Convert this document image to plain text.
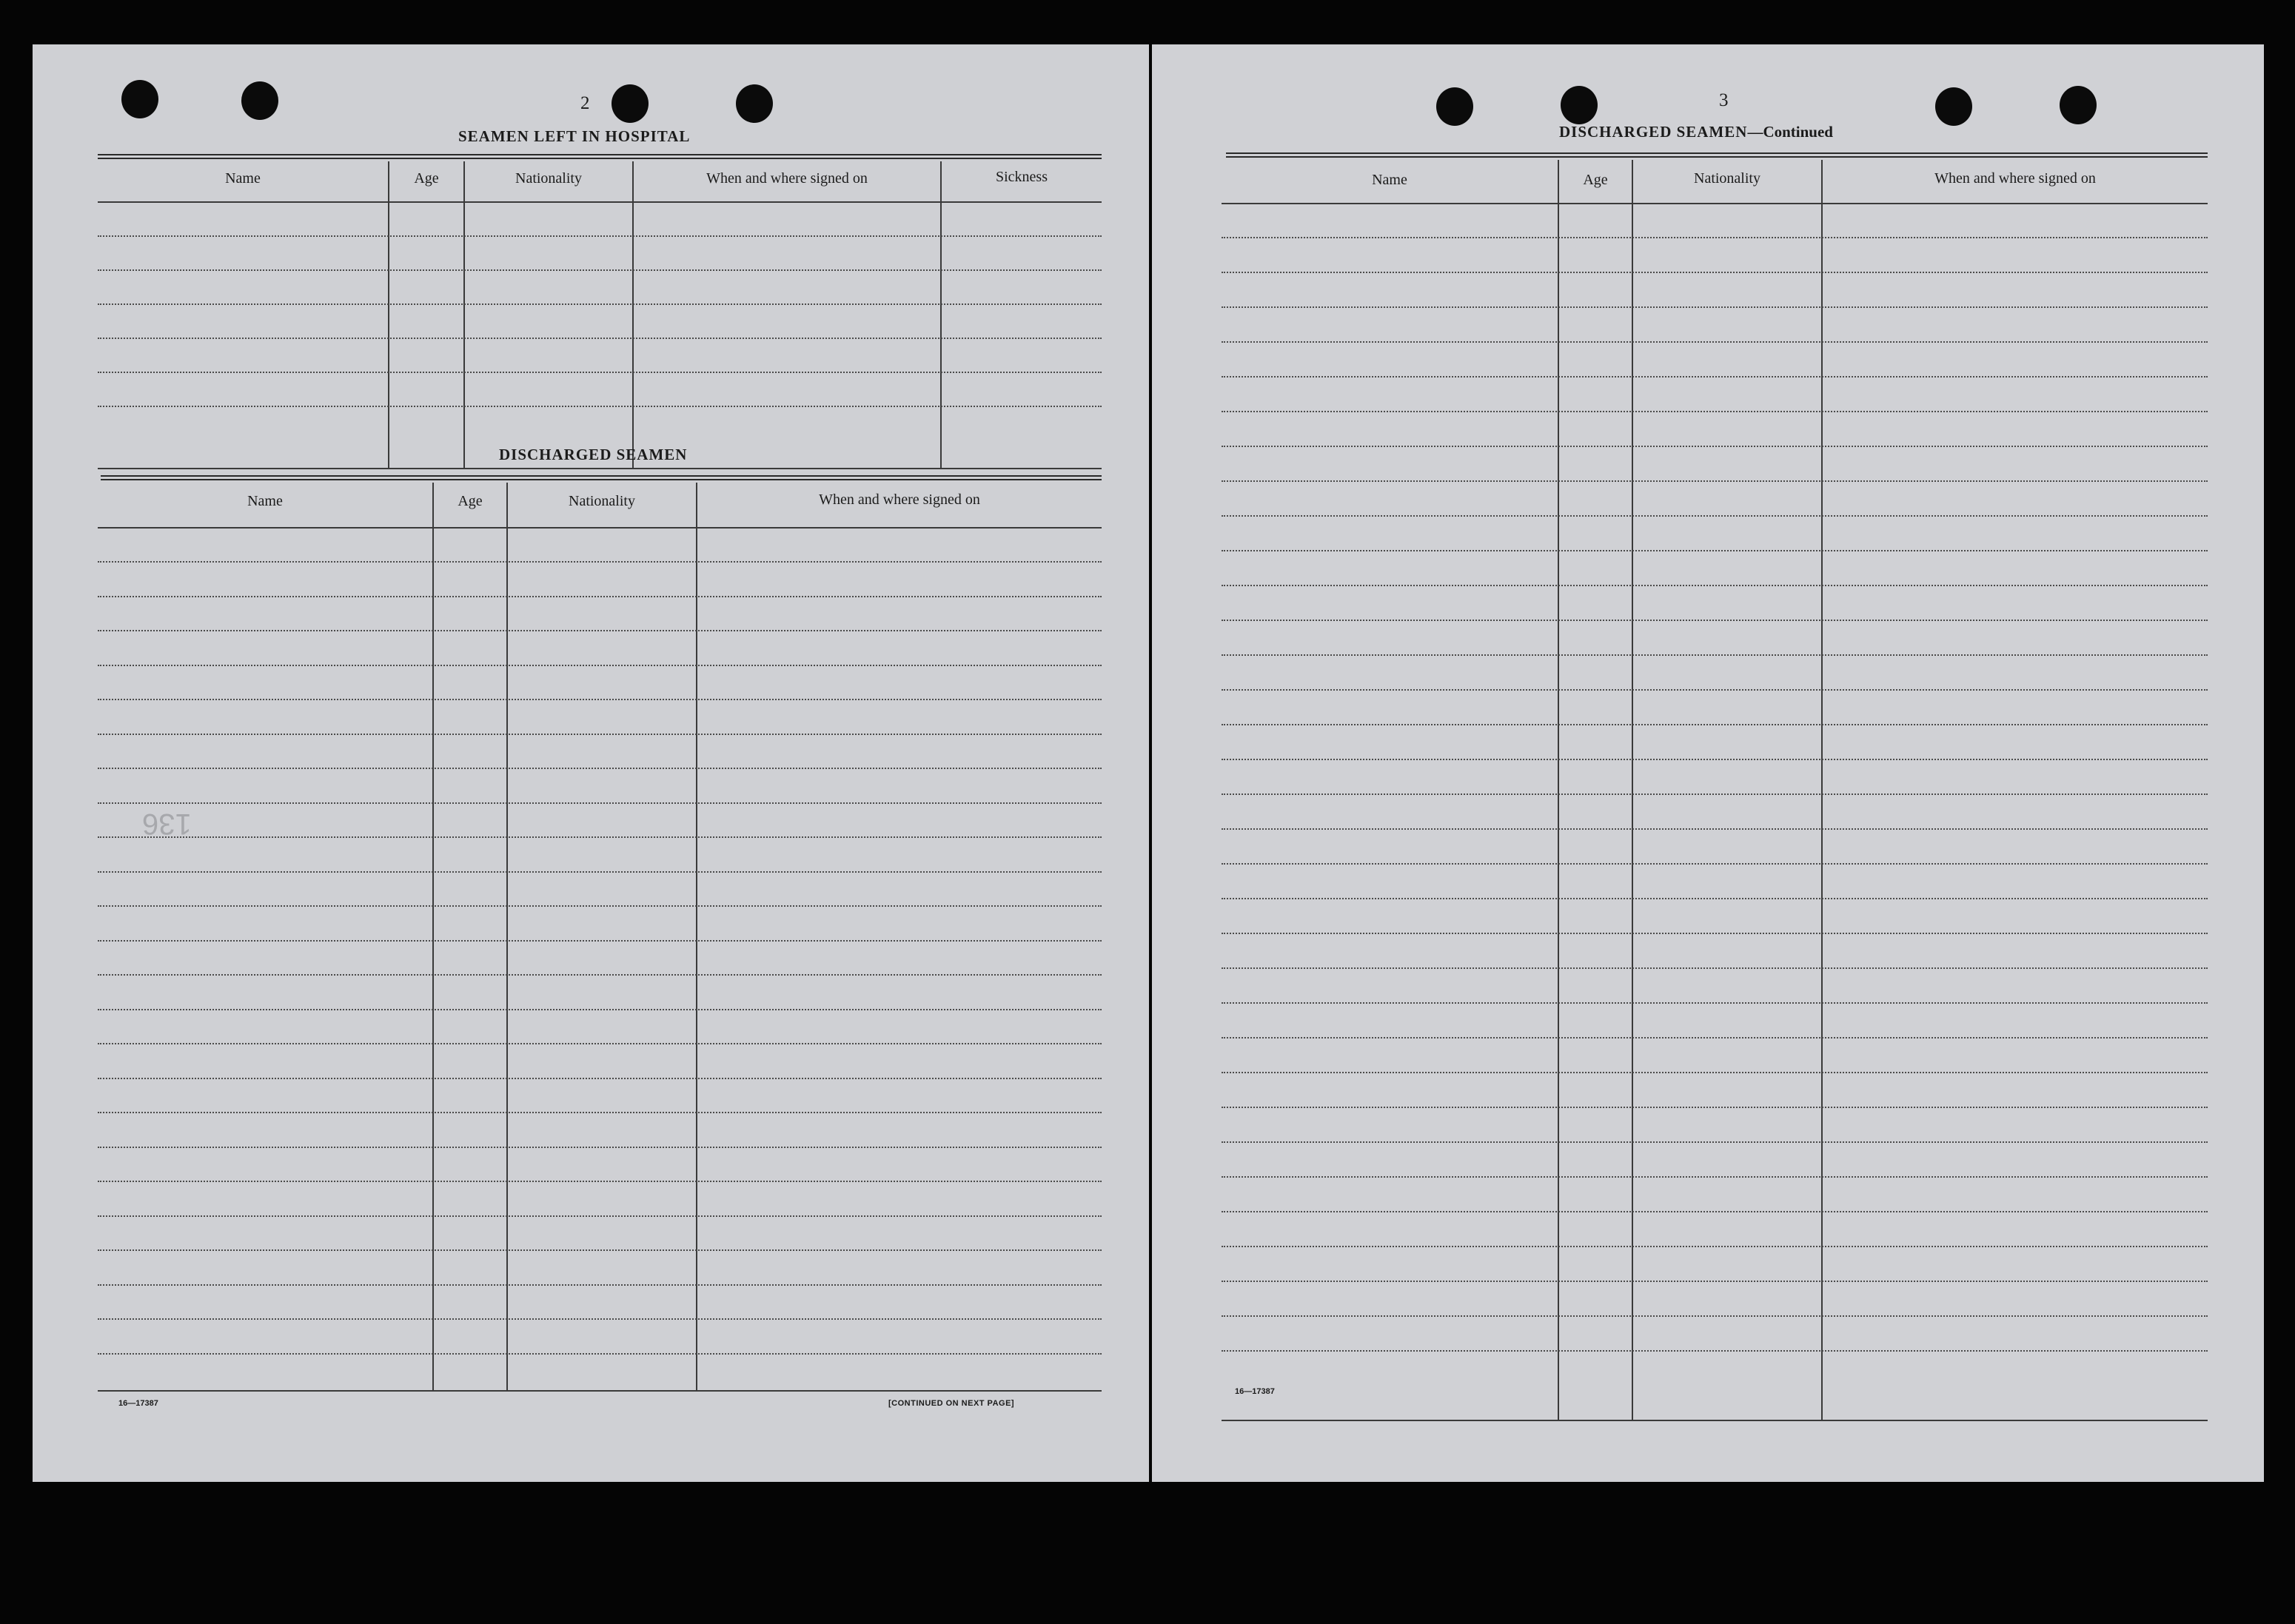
2
SEAMEN LEFT IN HOSPITAL
Name	Age	Nationality	When and where signed on	Sickness
DISCHARGED SEAMEN
Name	Age	Nationality	When and where signed on
136
16—17387	[CONTINUED ON NEXT PAGE]
3
DISCHARGED SEAMEN—Continued
Name	Age	Nationality	When and where signed on
16—17387
